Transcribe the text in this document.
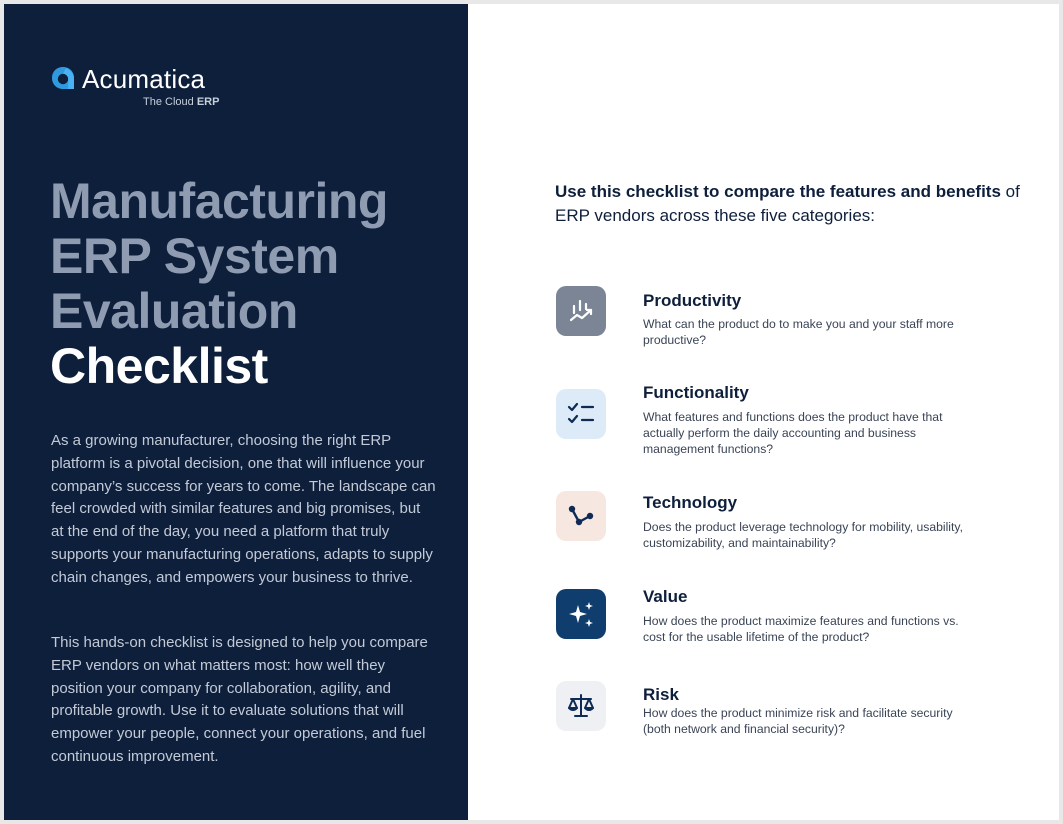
Acumatica
The Cloud ERP
Manufacturing
ERP System
Evaluation
Checklist

As a growing manufacturer, choosing the right ERP platform is a pivotal decision, one that will influence your company’s success for years to come. The landscape can feel crowded with similar features and big promises, but at the end of the day, you need a platform that truly supports your manufacturing operations, adapts to supply chain changes, and empowers your business to thrive.

This hands-on checklist is designed to help you compare ERP vendors on what matters most: how well they position your company for collaboration, agility, and profitable growth. Use it to evaluate solutions that will empower your people, connect your operations, and fuel continuous improvement.

Use this checklist to compare the features and benefits of ERP vendors across these five categories:

Productivity

What can the product do to make you and your staff more productive?

Functionality

What features and functions does the product have that actually perform the daily accounting and business management functions?

Technology

Does the product leverage technology for mobility, usability, customizability, and maintainability?

Value

How does the product maximize features and functions vs. cost for the usable lifetime of the product?

Risk

How does the product minimize risk and facilitate security (both network and financial security)?
